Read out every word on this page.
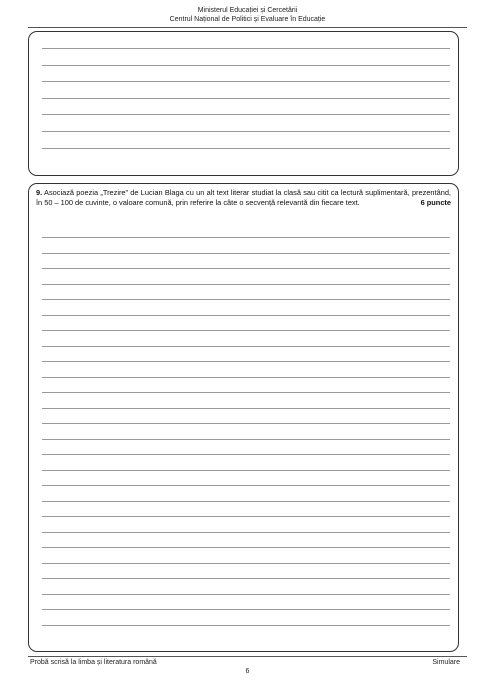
Ministerul Educației și Cercetării
Centrul Național de Politici și Evaluare în Educație
9. Asociază poezia „Trezire” de Lucian Blaga cu un alt text literar studiat la clasă sau citit ca lectură suplimentară, prezentând, în 50 – 100 de cuvinte, o valoare comună, prin referire la câte o secvență relevantă din fiecare text.	6 puncte
Probă scrisă la limba și literatura română	Simulare
6
